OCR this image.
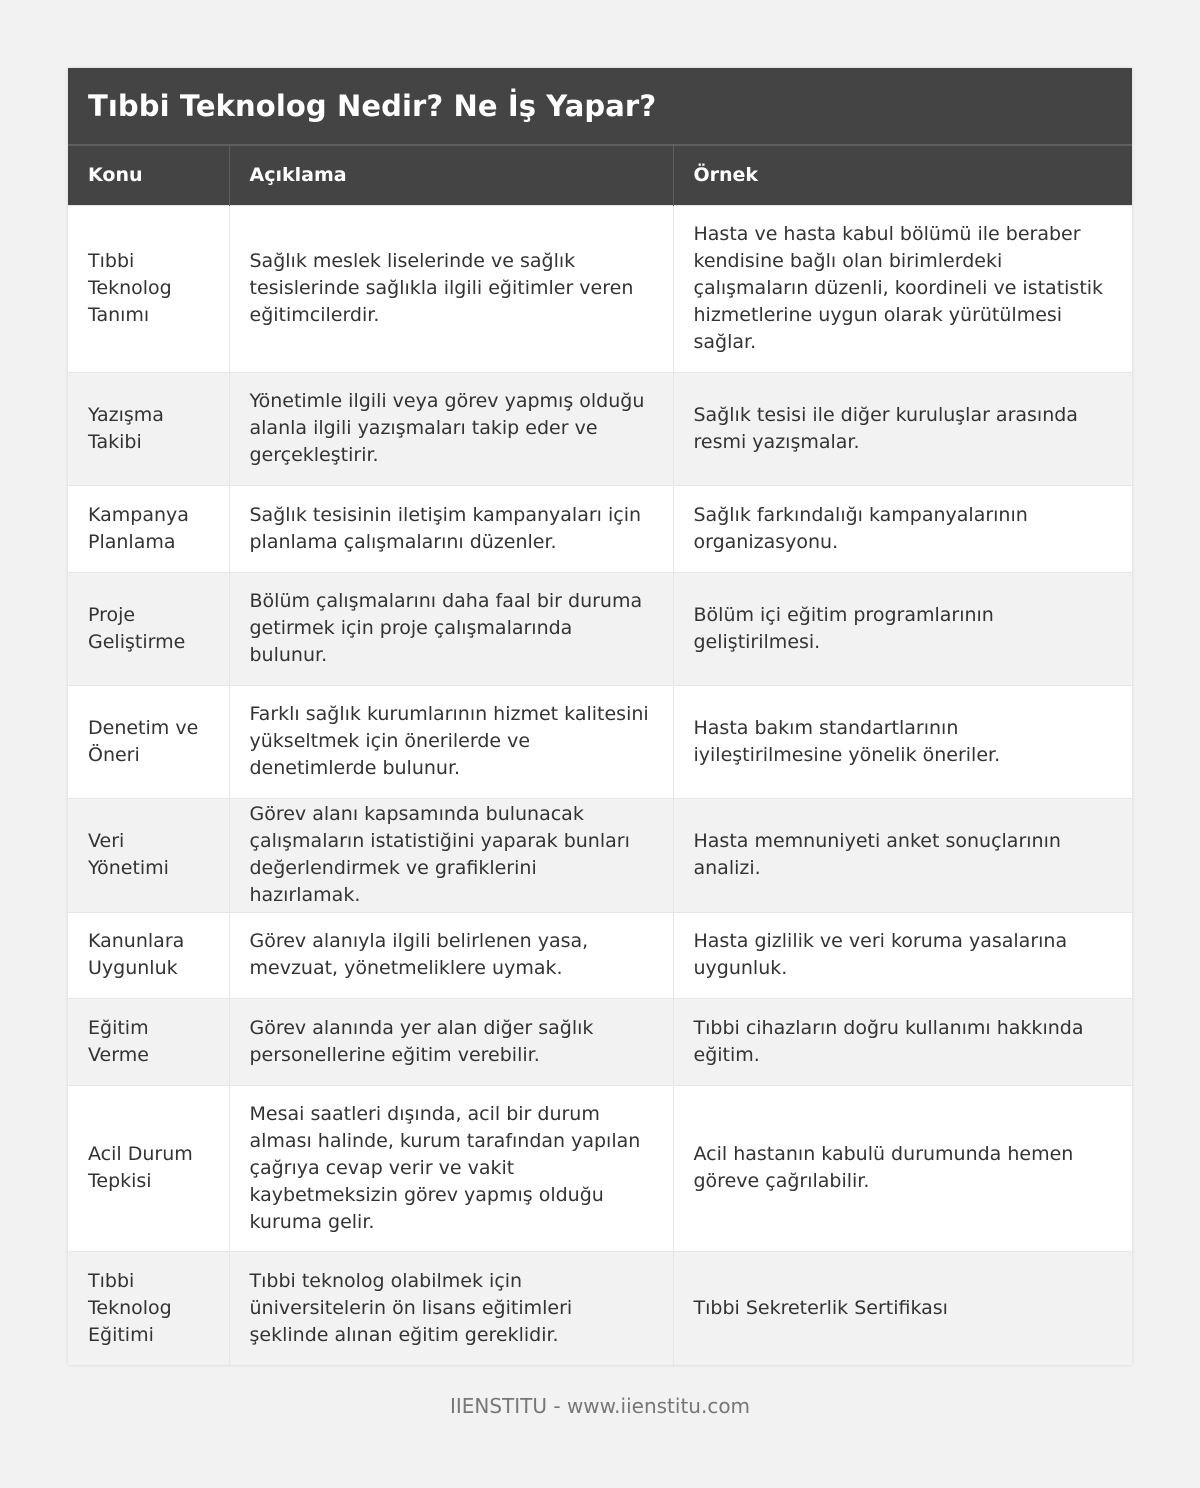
Tıbbi Teknolog Nedir? Ne İş Yapar?
Konu	Açıklama	Örnek
Tıbbi Teknolog Tanımı	Sağlık meslek liselerinde ve sağlık tesislerinde sağlıkla ilgili eğitimler veren eğitimcilerdir.	Hasta ve hasta kabul bölümü ile beraber kendisine bağlı olan birimlerdeki çalışmaların düzenli, koordineli ve istatistik hizmetlerine uygun olarak yürütülmesi sağlar.
Yazışma Takibi	Yönetimle ilgili veya görev yapmış olduğu alanla ilgili yazışmaları takip eder ve gerçekleştirir.	Sağlık tesisi ile diğer kuruluşlar arasında resmi yazışmalar.
Kampanya Planlama	Sağlık tesisinin iletişim kampanyaları için planlama çalışmalarını düzenler.	Sağlık farkındalığı kampanyalarının organizasyonu.
Proje Geliştirme	Bölüm çalışmalarını daha faal bir duruma getirmek için proje çalışmalarında bulunur.	Bölüm içi eğitim programlarının geliştirilmesi.
Denetim ve Öneri	Farklı sağlık kurumlarının hizmet kalitesini yükseltmek için önerilerde ve denetimlerde bulunur.	Hasta bakım standartlarının iyileştirilmesine yönelik öneriler.
Veri Yönetimi	Görev alanı kapsamında bulunacak çalışmaların istatistiğini yaparak bunları değerlendirmek ve grafiklerini hazırlamak.	Hasta memnuniyeti anket sonuçlarının analizi.
Kanunlara Uygunluk	Görev alanıyla ilgili belirlenen yasa, mevzuat, yönetmeliklere uymak.	Hasta gizlilik ve veri koruma yasalarına uygunluk.
Eğitim Verme	Görev alanında yer alan diğer sağlık personellerine eğitim verebilir.	Tıbbi cihazların doğru kullanımı hakkında eğitim.
Acil Durum Tepkisi	Mesai saatleri dışında, acil bir durum alması halinde, kurum tarafından yapılan çağrıya cevap verir ve vakit kaybetmeksizin görev yapmış olduğu kuruma gelir.	Acil hastanın kabulü durumunda hemen göreve çağrılabilir.
Tıbbi Teknolog Eğitimi	Tıbbi teknolog olabilmek için üniversitelerin ön lisans eğitimleri şeklinde alınan eğitim gereklidir.	Tıbbi Sekreterlik Sertifikası
IIENSTITU - www.iienstitu.com
